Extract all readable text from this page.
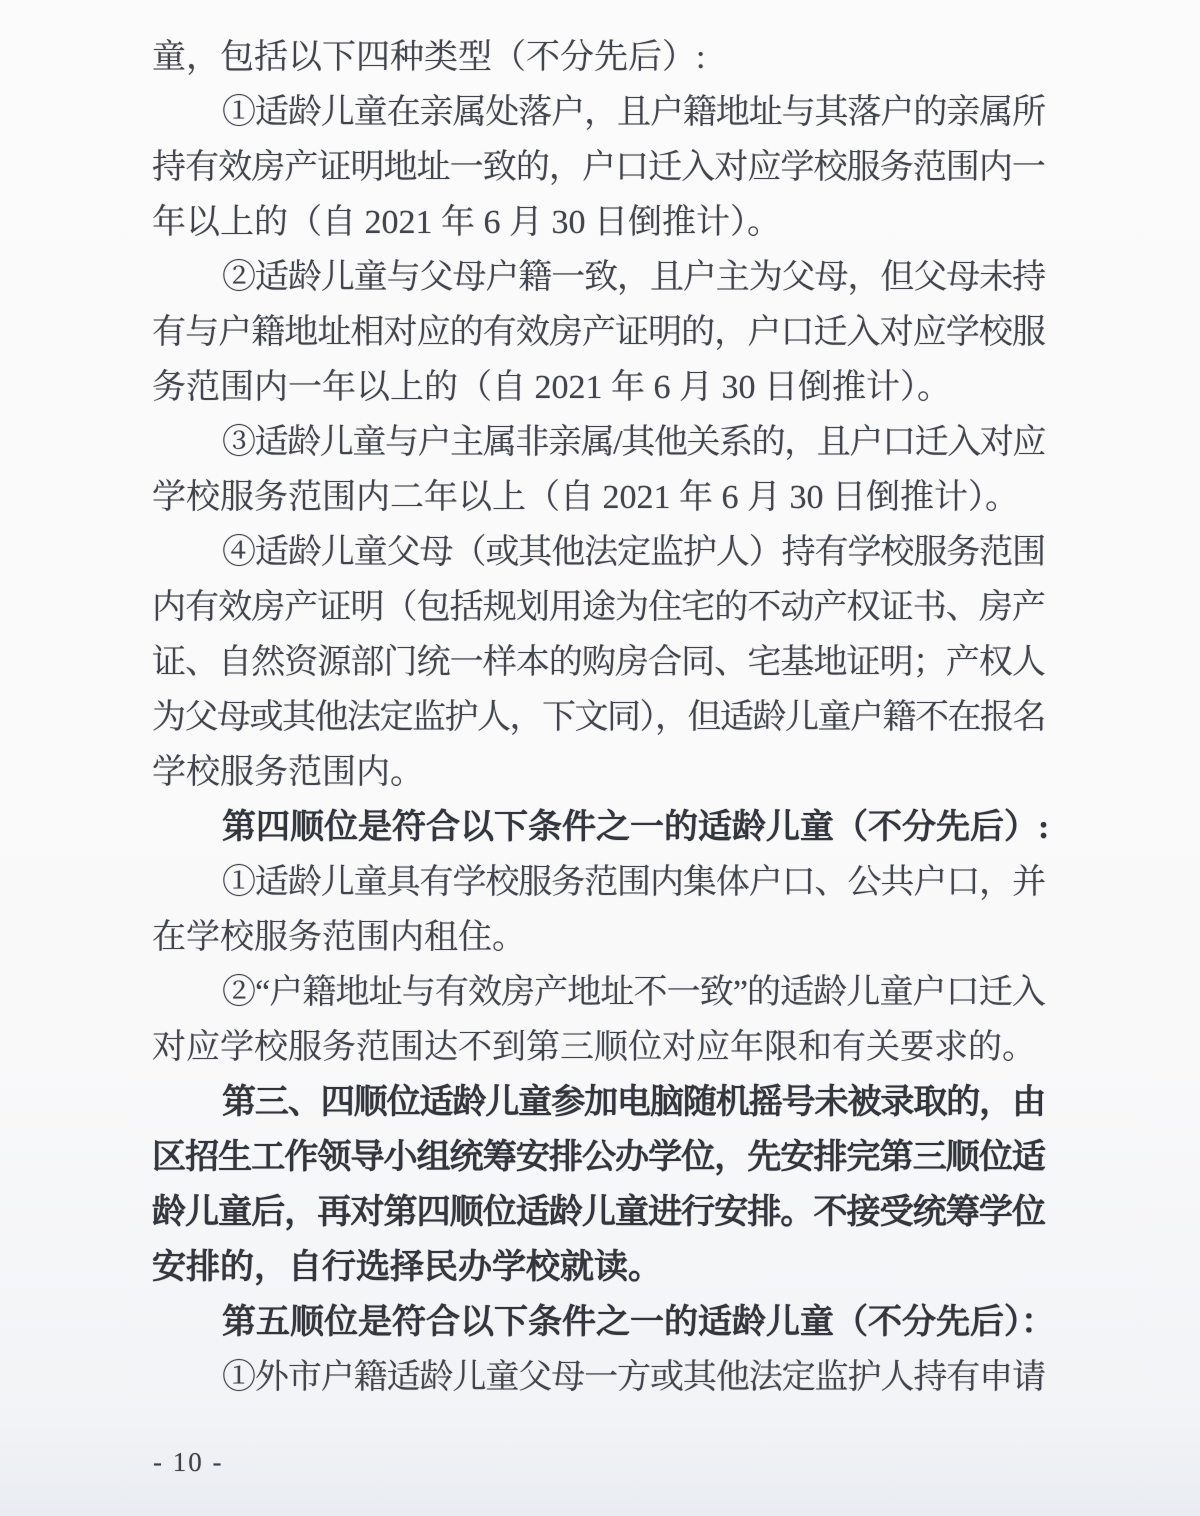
童，包括以下四种类型（不分先后）:
①适龄儿童在亲属处落户，且户籍地址与其落户的亲属所
持有效房产证明地址一致的，户口迁入对应学校服务范围内一
年以上的（自 2021 年 6 月 30 日倒推计）。
②适龄儿童与父母户籍一致，且户主为父母，但父母未持
有与户籍地址相对应的有效房产证明的，户口迁入对应学校服
务范围内一年以上的（自 2021 年 6 月 30 日倒推计）。
③适龄儿童与户主属非亲属/其他关系的，且户口迁入对应
学校服务范围内二年以上（自 2021 年 6 月 30 日倒推计）。
④适龄儿童父母（或其他法定监护人）持有学校服务范围
内有效房产证明（包括规划用途为住宅的不动产权证书、房产
证、自然资源部门统一样本的购房合同、宅基地证明；产权人
为父母或其他法定监护人，下文同），但适龄儿童户籍不在报名
学校服务范围内。
第四顺位是符合以下条件之一的适龄儿童（不分先后）:
①适龄儿童具有学校服务范围内集体户口、公共户口，并
在学校服务范围内租住。
②“户籍地址与有效房产地址不一致”的适龄儿童户口迁入
对应学校服务范围达不到第三顺位对应年限和有关要求的。
第三、四顺位适龄儿童参加电脑随机摇号未被录取的，由
区招生工作领导小组统筹安排公办学位，先安排完第三顺位适
龄儿童后，再对第四顺位适龄儿童进行安排。不接受统筹学位
安排的，自行选择民办学校就读。
第五顺位是符合以下条件之一的适龄儿童（不分先后）：
①外市户籍适龄儿童父母一方或其他法定监护人持有申请
- 10 -
